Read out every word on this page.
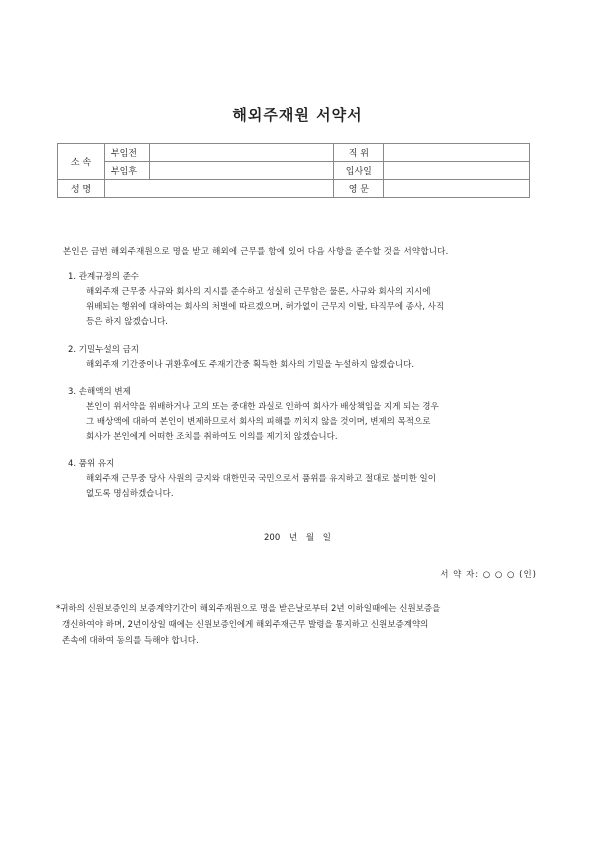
해외주재원 서약서
소 속	부임전		직 위	
	부임후		입사일	
성 명			영 문	
본인은 금번 해외주재원으로 명을 받고 해외에 근무를 함에 있어 다음 사항을 준수할 것을 서약합니다.
1. 관계규정의 준수
해외주재 근무중 사규와 회사의 지시를 준수하고 성실히 근무함은 물론, 사규와 회사의 지시에
위배되는 행위에 대하여는 회사의 처벌에 따르겠으며, 허가없이 근무지 이탈, 타직무에 종사, 사직
등은 하지 않겠습니다.
2. 기밀누설의 금지
해외주재 기간중이나 귀환후에도 주재기간중 획득한 회사의 기밀을 누설하지 않겠습니다.
3. 손해액의 변제
본인이 위서약을 위배하거나 고의 또는 중대한 과실로 인하여 회사가 배상책임을 지게 되는 경우
그 배상액에 대하여 본인이 변제하므로서 회사의 피해를 끼치지 않을 것이며, 변제의 목적으로
회사가 본인에게 어떠한 조치를 취하여도 이의를 제기치 않겠습니다.
4. 품위 유지
해외주재 근무중 당사 사원의 긍지와 대한민국 국민으로서 품위를 유지하고 절대로 불미한 일이
없도록 명심하겠습니다.
200 년 월 일
서 약 자: ○ ○ ○ (인)
*귀하의 신원보증인의 보증계약기간이 해외주재원으로 명을 받은날로부터 2년 이하일때에는 신원보증을
갱신하여야 하며, 2년이상일 때에는 신원보증인에게 해외주재근무 발령을 통지하고 신원보증계약의
존속에 대하여 동의를 득해야 합니다.
